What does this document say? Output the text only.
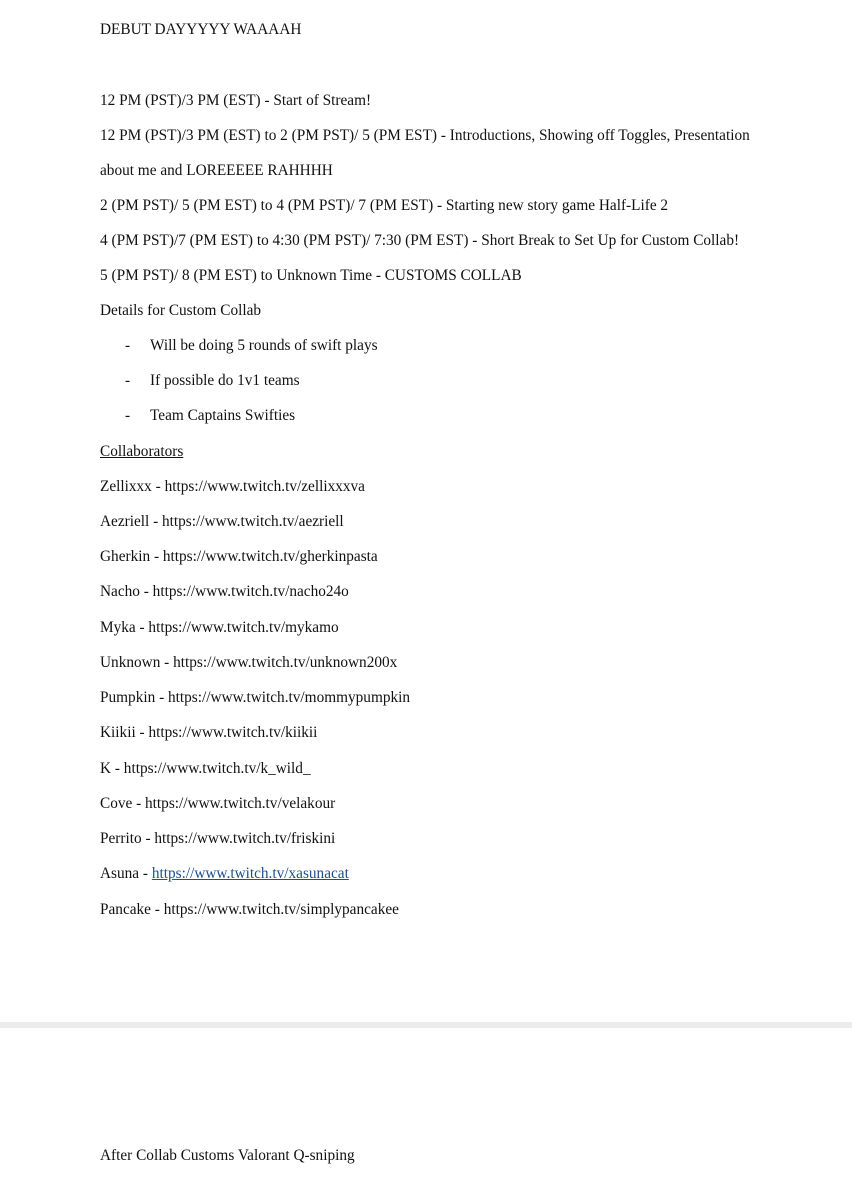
DEBUT DAYYYYY WAAAAH
12 PM (PST)/3 PM (EST) - Start of Stream!
12 PM (PST)/3 PM (EST) to 2 (PM PST)/ 5 (PM EST) - Introductions, Showing off Toggles, Presentation
about me and LOREEEEE RAHHHH
2 (PM PST)/ 5 (PM EST) to 4 (PM PST)/ 7 (PM EST) - Starting new story game Half-Life 2
4 (PM PST)/7 (PM EST) to 4:30 (PM PST)/ 7:30 (PM EST) - Short Break to Set Up for Custom Collab!
5 (PM PST)/ 8 (PM EST) to Unknown Time - CUSTOMS COLLAB
Details for Custom Collab
- Will be doing 5 rounds of swift plays
- If possible do 1v1 teams
- Team Captains Swifties
Collaborators
Zellixxx - https://www.twitch.tv/zellixxxva
Aezriell - https://www.twitch.tv/aezriell
Gherkin - https://www.twitch.tv/gherkinpasta
Nacho - https://www.twitch.tv/nacho24o
Myka - https://www.twitch.tv/mykamo
Unknown - https://www.twitch.tv/unknown200x
Pumpkin - https://www.twitch.tv/mommypumpkin
Kiikii - https://www.twitch.tv/kiikii
K - https://www.twitch.tv/k_wild_
Cove - https://www.twitch.tv/velakour
Perrito - https://www.twitch.tv/friskini
Asuna - https://www.twitch.tv/xasunacat
Pancake - https://www.twitch.tv/simplypancakee
After Collab Customs Valorant Q-sniping
